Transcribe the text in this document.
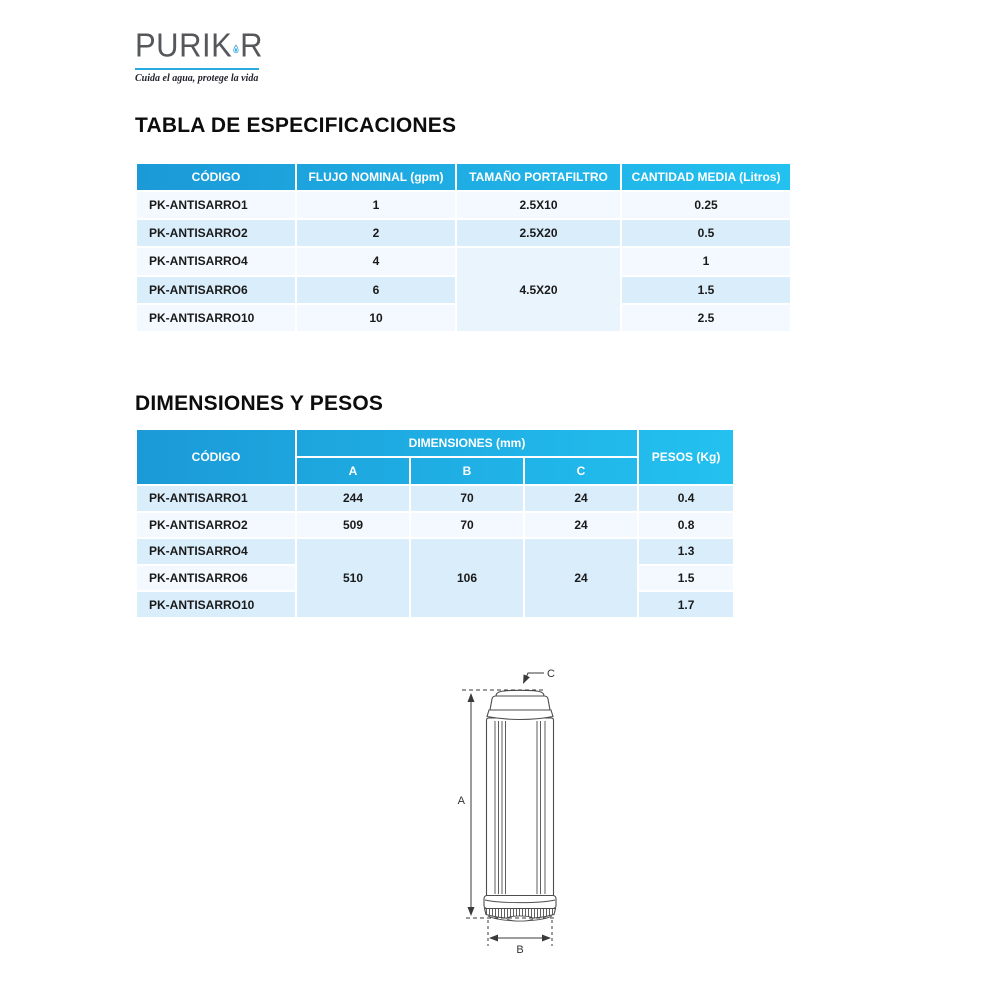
PURIK R
Cuida el agua, protege la vida
TABLA DE ESPECIFICACIONES
CÓDIGO	FLUJO NOMINAL (gpm)	TAMAÑO PORTAFILTRO	CANTIDAD MEDIA (Litros)
PK-ANTISARRO1	1	2.5X10	0.25
PK-ANTISARRO2	2	2.5X20	0.5
PK-ANTISARRO4	4	4.5X20	1
PK-ANTISARRO6	6		1.5
PK-ANTISARRO10	10		2.5
DIMENSIONES Y PESOS
CÓDIGO	DIMENSIONES (mm)			PESOS (Kg)
	A	B	C	
PK-ANTISARRO1	244	70	24	0.4
PK-ANTISARRO2	509	70	24	0.8
PK-ANTISARRO4	510	106	24	1.3
PK-ANTISARRO6				1.5
PK-ANTISARRO10				1.7
A
B
C
